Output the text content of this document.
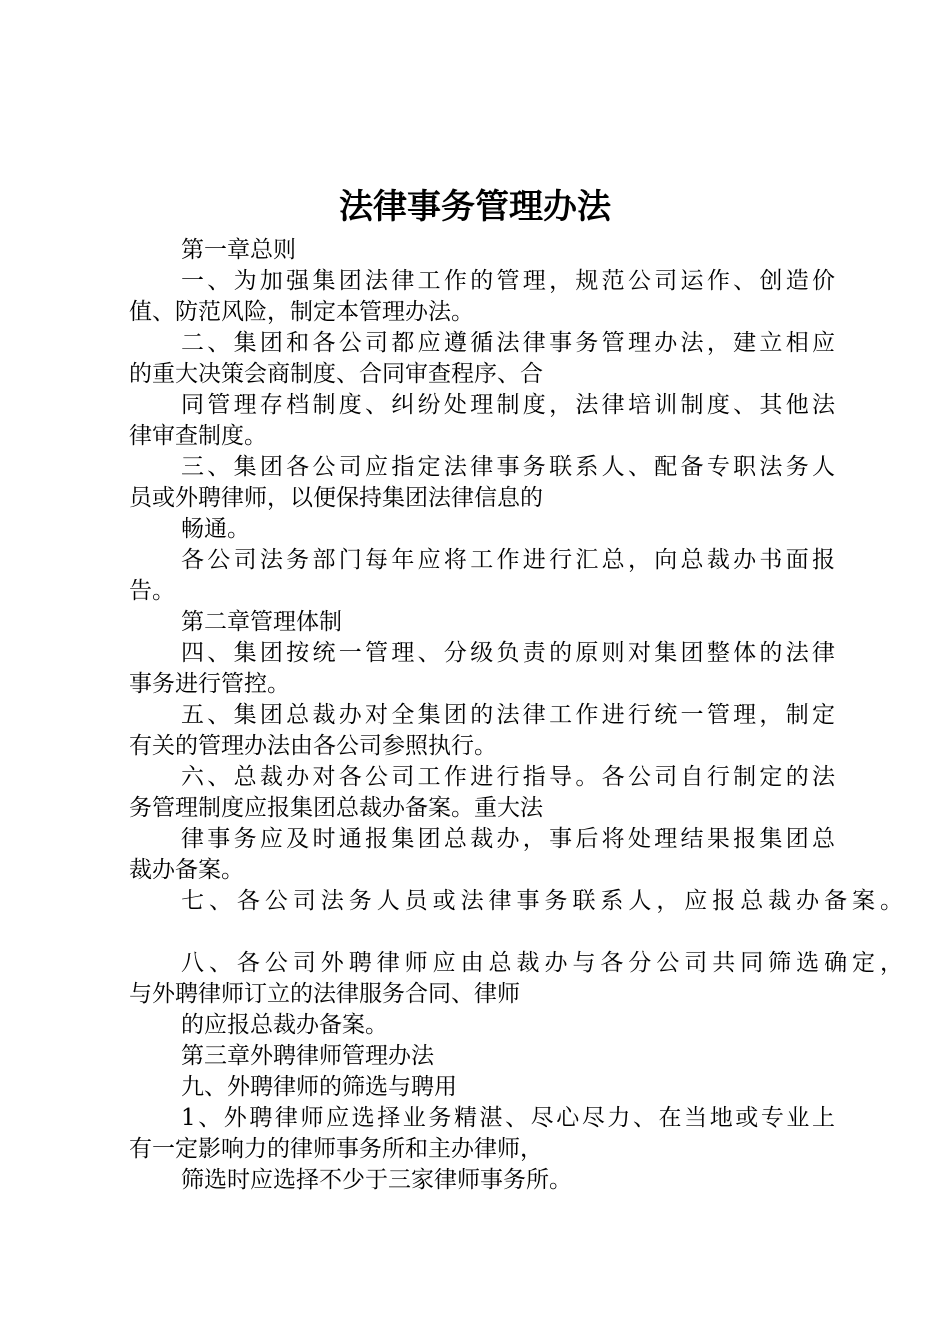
法律事务管理办法
第一章总则
一、为加强集团法律工作的管理，规范公司运作、创造价
值、防范风险，制定本管理办法。
二、集团和各公司都应遵循法律事务管理办法，建立相应
的重大决策会商制度、合同审查程序、合
同管理存档制度、纠纷处理制度，法律培训制度、其他法
律审查制度。
三、集团各公司应指定法律事务联系人、配备专职法务人
员或外聘律师，以便保持集团法律信息的
畅通。
各公司法务部门每年应将工作进行汇总，向总裁办书面报
告。
第二章管理体制
四、集团按统一管理、分级负责的原则对集团整体的法律
事务进行管控。
五、集团总裁办对全集团的法律工作进行统一管理，制定
有关的管理办法由各公司参照执行。
六、总裁办对各公司工作进行指导。各公司自行制定的法
务管理制度应报集团总裁办备案。重大法
律事务应及时通报集团总裁办，事后将处理结果报集团总
裁办备案。
七、各公司法务人员或法律事务联系人，应报总裁办备案。
八、各公司外聘律师应由总裁办与各分公司共同筛选确定，
与外聘律师订立的法律服务合同、律师
的应报总裁办备案。
第三章外聘律师管理办法
九、外聘律师的筛选与聘用
1、外聘律师应选择业务精湛、尽心尽力、在当地或专业上
有一定影响力的律师事务所和主办律师，
筛选时应选择不少于三家律师事务所。
